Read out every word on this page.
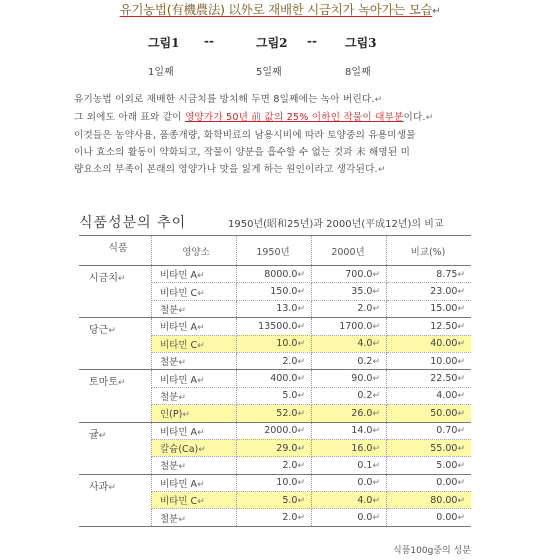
유기농법(有機農法) 以外로 재배한 시금치가 녹아가는 모습↵
그림1 --	그림2 -- 그림3
1일째	5일째	8일째
유기농법 이외로 재배한 시금치를 방치해 두면 8일째에는 녹아 버린다.↵
그 외에도 아래 표와 같이 영양가가 50년 前 값의 25% 이하인 작물이 대부분이다.↵
이것들은 농약사용, 품종개량, 화학비료의 남용시비에 따라 토양중의 유용미생물
이나 효소의 활동이 약화되고, 작물이 양분을 흡수할 수 없는 것과 未 해명된 미
량요소의 부족이 본래의 영양가나 맛을 잃게 하는 원인이라고 생각된다.↵
식품성분의 추이	1950년(昭和25년)과 2000년(平成12년)의 비교
식품	영양소	1950년	2000년	비교(%)
시금치↵	비타민 A↵	8000.0↵	700.0↵	8.75↵
	비타민 C↵	150.0↵	35.0↵	23.00↵
	철분↵	13.0↵	2.0↵	15.00↵
당근↵	비타민 A↵	13500.0↵	1700.0↵	12.50↵
	비타민 C↵	10.0↵	4.0↵	40.00↵
	철분↵	2.0↵	0.2↵	10.00↵
토마토↵	비타민 A↵	400.0↵	90.0↵	22.50↵
	철분↵	5.0↵	0.2↵	4.00↵
	인(P)↵	52.0↵	26.0↵	50.00↵
귤↵	비타민 A↵	2000.0↵	14.0↵	0.70↵
	칼슘(Ca)↵	29.0↵	16.0↵	55.00↵
	철분↵	2.0↵	0.1↵	5.00↵
사과↵	비타민 A↵	10.0↵	0.0↵	0.00↵
	비타민 C↵	5.0↵	4.0↵	80.00↵
	철분↵	2.0↵	0.0↵	0.00↵
식품100g중의 성분
